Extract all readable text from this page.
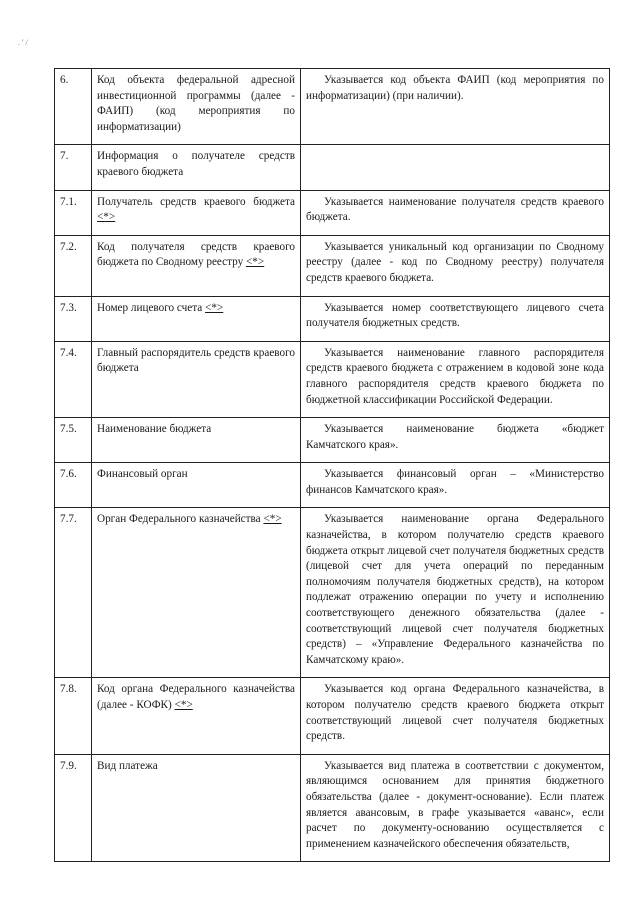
. ' /
6.	Код объекта федеральной адресной инвестиционной программы (далее - ФАИП) (код мероприятия по информатизации)	Указывается код объекта ФАИП (код мероприятия по информатизации) (при наличии).
7.	Информация о получателе средств краевого бюджета	
7.1.	Получатель средств краевого бюджета <*>	Указывается наименование получателя средств краевого бюджета.
7.2.	Код получателя средств краевого бюджета по Сводному реестру <*>	Указывается уникальный код организации по Сводному реестру (далее - код по Сводному реестру) получателя средств краевого бюджета.
7.3.	Номер лицевого счета <*>	Указывается номер соответствующего лицевого счета получателя бюджетных средств.
7.4.	Главный распорядитель средств краевого бюджета	Указывается наименование главного распорядителя средств краевого бюджета с отражением в кодовой зоне кода главного распорядителя средств краевого бюджета по бюджетной классификации Российской Федерации.
7.5.	Наименование бюджета	Указывается наименование бюджета «бюджет Камчатского края».
7.6.	Финансовый орган	Указывается финансовый орган – «Министерство финансов Камчатского края».
7.7.	Орган Федерального казначейства <*>	Указывается наименование органа Федерального казначейства, в котором получателю средств краевого бюджета открыт лицевой счет получателя бюджетных средств (лицевой счет для учета операций по переданным полномочиям получателя бюджетных средств), на котором подлежат отражению операции по учету и исполнению соответствующего денежного обязательства (далее - соответствующий лицевой счет получателя бюджетных средств) – «Управление Федерального казначейства по Камчатскому краю».
7.8.	Код органа Федерального казначейства (далее - КОФК) <*>	Указывается код органа Федерального казначейства, в котором получателю средств краевого бюджета открыт соответствующий лицевой счет получателя бюджетных средств.
7.9.	Вид платежа	Указывается вид платежа в соответствии с документом, являющимся основанием для принятия бюджетного обязательства (далее - документ-основание). Если платеж является авансовым, в графе указывается «аванс», если расчет по документу-основанию осуществляется с применением казначейского обеспечения обязательств,
